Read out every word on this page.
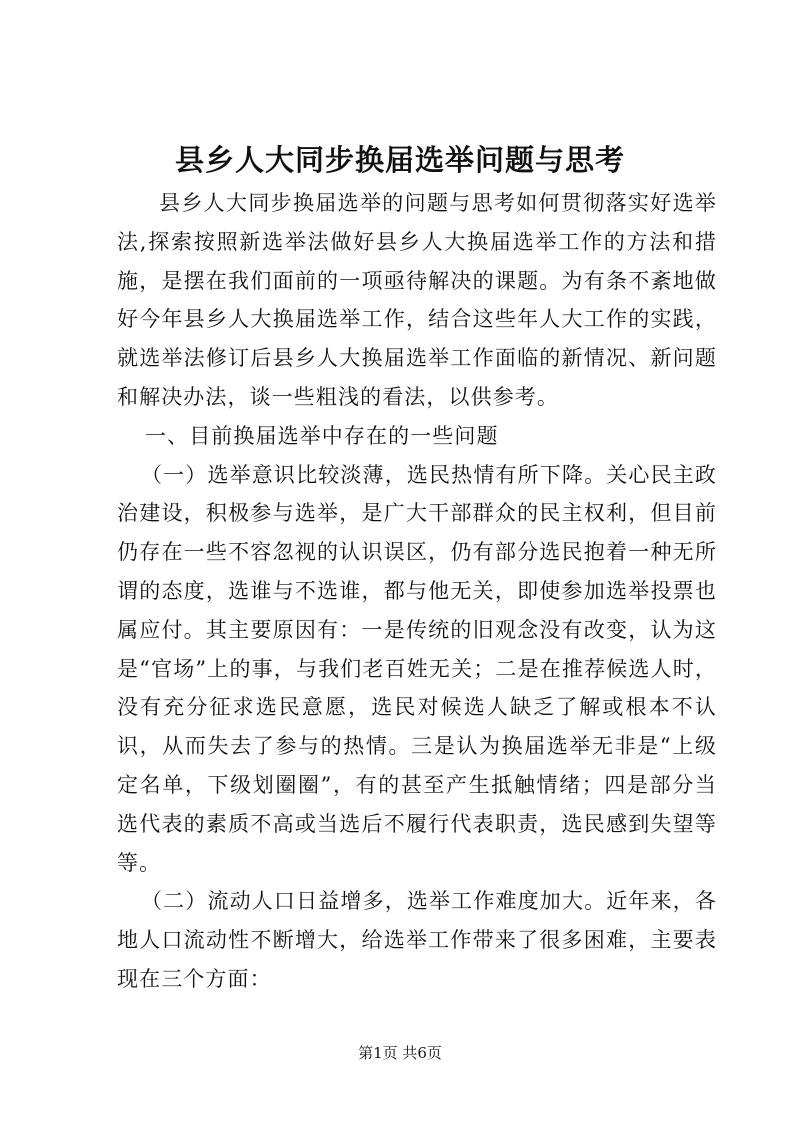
县乡人大同步换届选举问题与思考

县乡人大同步换届选举的问题与思考如何贯彻落实好选举法,探索按照新选举法做好县乡人大换届选举工作的方法和措施，是摆在我们面前的一项亟待解决的课题。为有条不紊地做好今年县乡人大换届选举工作，结合这些年人大工作的实践，就选举法修订后县乡人大换届选举工作面临的新情况、新问题和解决办法，谈一些粗浅的看法，以供参考。

一、目前换届选举中存在的一些问题

（一）选举意识比较淡薄，选民热情有所下降。关心民主政治建设，积极参与选举，是广大干部群众的民主权利，但目前仍存在一些不容忽视的认识误区，仍有部分选民抱着一种无所谓的态度，选谁与不选谁，都与他无关，即使参加选举投票也属应付。其主要原因有：一是传统的旧观念没有改变，认为这是“官场”上的事，与我们老百姓无关；二是在推荐候选人时，没有充分征求选民意愿，选民对候选人缺乏了解或根本不认识，从而失去了参与的热情。三是认为换届选举无非是“上级定名单，下级划圈圈”，有的甚至产生抵触情绪；四是部分当选代表的素质不高或当选后不履行代表职责，选民感到失望等等。

（二）流动人口日益增多，选举工作难度加大。近年来，各地人口流动性不断增大，给选举工作带来了很多困难，主要表现在三个方面：

第1页 共6页
